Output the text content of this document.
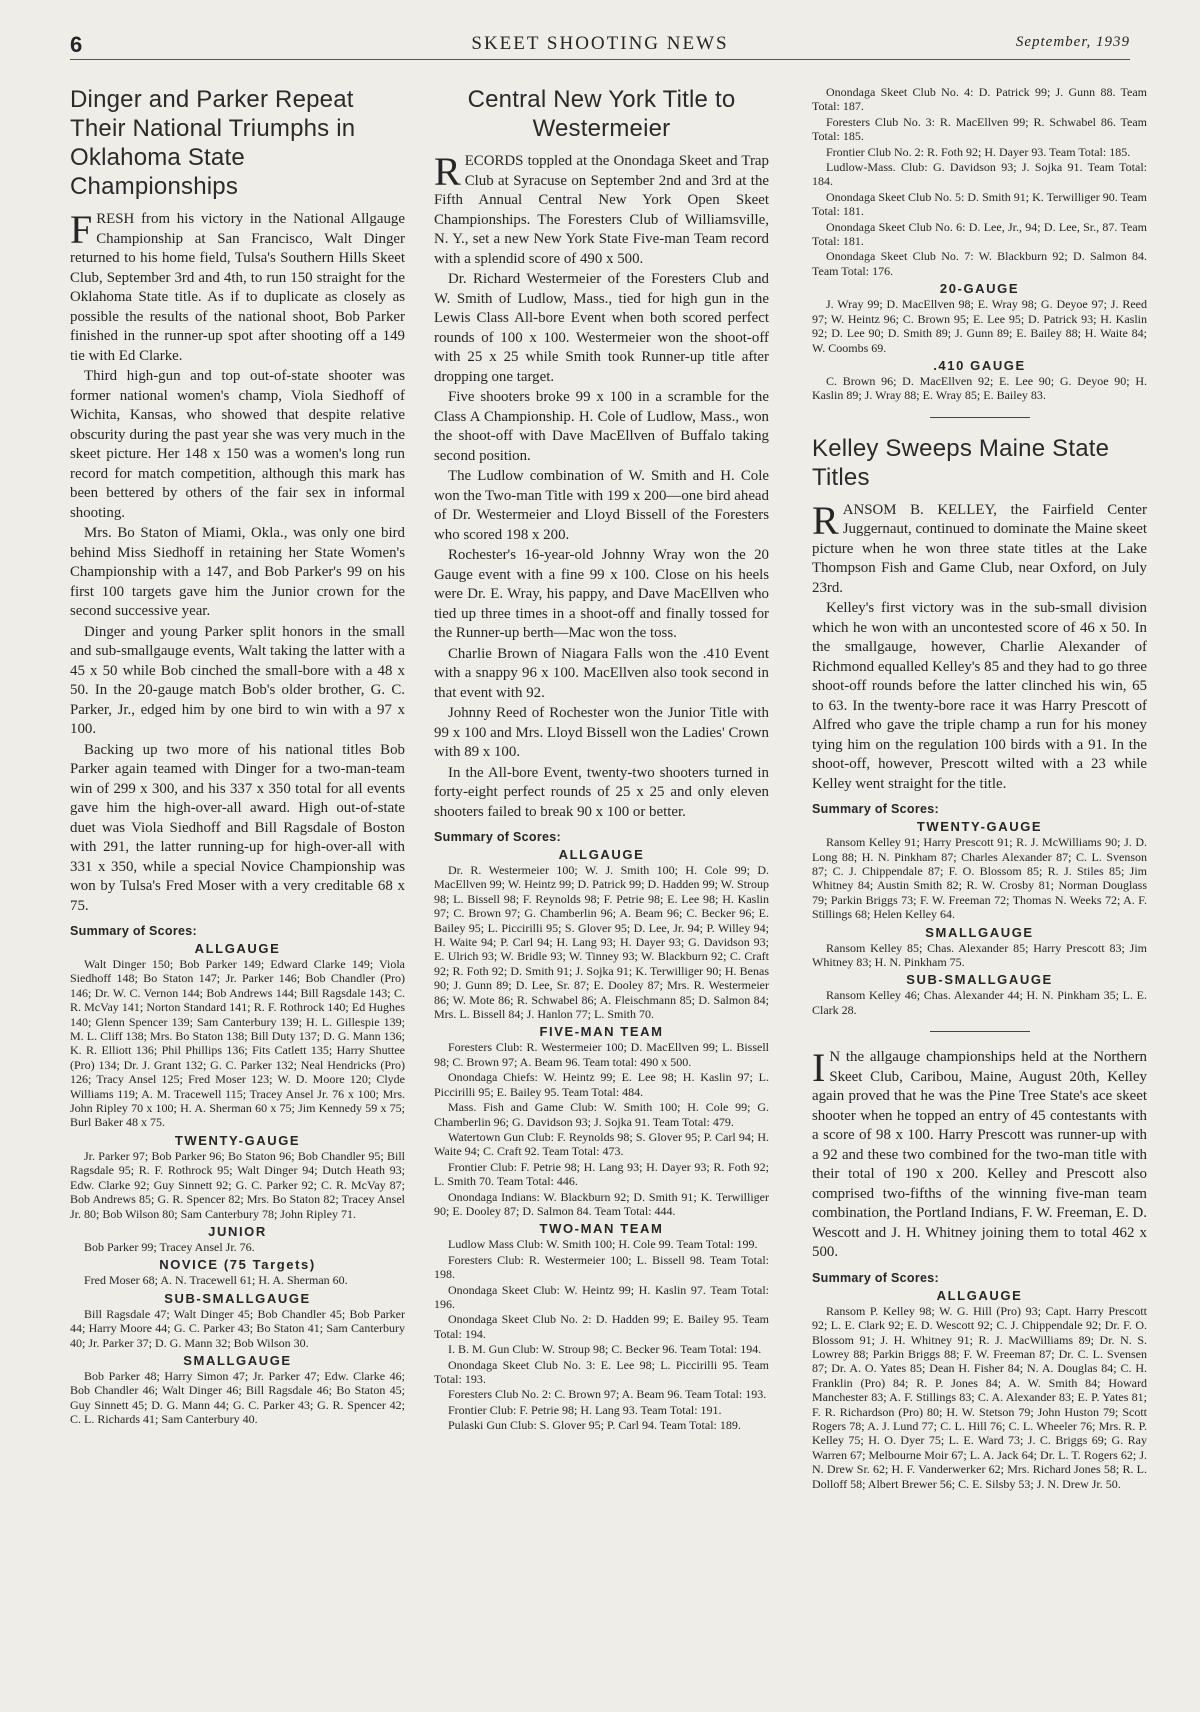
6	SKEET SHOOTING NEWS	September, 1939
Dinger and Parker Repeat Their National Triumphs in Oklahoma State Championships

FRESH from his victory in the National Allgauge Championship at San Francisco, Walt Dinger returned to his home field, Tulsa's Southern Hills Skeet Club, September 3rd and 4th, to run 150 straight for the Oklahoma State title. As if to duplicate as closely as possible the results of the national shoot, Bob Parker finished in the runner-up spot after shooting off a 149 tie with Ed Clarke.

Third high-gun and top out-of-state shooter was former national women's champ, Viola Siedhoff of Wichita, Kansas, who showed that despite relative obscurity during the past year she was very much in the skeet picture. Her 148 x 150 was a women's long run record for match competition, although this mark has been bettered by others of the fair sex in informal shooting.

Mrs. Bo Staton of Miami, Okla., was only one bird behind Miss Siedhoff in retaining her State Women's Championship with a 147, and Bob Parker's 99 on his first 100 targets gave him the Junior crown for the second successive year.

Dinger and young Parker split honors in the small and sub-smallgauge events, Walt taking the latter with a 45 x 50 while Bob cinched the small-bore with a 48 x 50. In the 20-gauge match Bob's older brother, G. C. Parker, Jr., edged him by one bird to win with a 97 x 100.

Backing up two more of his national titles Bob Parker again teamed with Dinger for a two-man-team win of 299 x 300, and his 337 x 350 total for all events gave him the high-over-all award. High out-of-state duet was Viola Siedhoff and Bill Ragsdale of Boston with 291, the latter running-up for high-over-all with 331 x 350, while a special Novice Championship was won by Tulsa's Fred Moser with a very creditable 68 x 75.

Summary of Scores:
ALLGAUGE

Walt Dinger 150; Bob Parker 149; Edward Clarke 149; Viola Siedhoff 148; Bo Staton 147; Jr. Parker 146; Bob Chandler (Pro) 146; Dr. W. C. Vernon 144; Bob Andrews 144; Bill Ragsdale 143; C. R. McVay 141; Norton Standard 141; R. F. Rothrock 140; Ed Hughes 140; Glenn Spencer 139; Sam Canterbury 139; H. L. Gillespie 139; M. L. Cliff 138; Mrs. Bo Staton 138; Bill Duty 137; D. G. Mann 136; K. R. Elliott 136; Phil Phillips 136; Fits Catlett 135; Harry Shuttee (Pro) 134; Dr. J. Grant 132; G. C. Parker 132; Neal Hendricks (Pro) 126; Tracy Ansel 125; Fred Moser 123; W. D. Moore 120; Clyde Williams 119; A. M. Tracewell 115; Tracey Ansel Jr. 76 x 100; Mrs. John Ripley 70 x 100; H. A. Sherman 60 x 75; Jim Kennedy 59 x 75; Burl Baker 48 x 75.

TWENTY-GAUGE

Jr. Parker 97; Bob Parker 96; Bo Staton 96; Bob Chandler 95; Bill Ragsdale 95; R. F. Rothrock 95; Walt Dinger 94; Dutch Heath 93; Edw. Clarke 92; Guy Sinnett 92; G. C. Parker 92; C. R. McVay 87; Bob Andrews 85; G. R. Spencer 82; Mrs. Bo Staton 82; Tracey Ansel Jr. 80; Bob Wilson 80; Sam Canterbury 78; John Ripley 71.

JUNIOR

Bob Parker 99; Tracey Ansel Jr. 76.

NOVICE (75 Targets)

Fred Moser 68; A. N. Tracewell 61; H. A. Sherman 60.

SUB-SMALLGAUGE

Bill Ragsdale 47; Walt Dinger 45; Bob Chandler 45; Bob Parker 44; Harry Moore 44; G. C. Parker 43; Bo Staton 41; Sam Canterbury 40; Jr. Parker 37; D. G. Mann 32; Bob Wilson 30.

SMALLGAUGE

Bob Parker 48; Harry Simon 47; Jr. Parker 47; Edw. Clarke 46; Bob Chandler 46; Walt Dinger 46; Bill Ragsdale 46; Bo Staton 45; Guy Sinnett 45; D. G. Mann 44; G. C. Parker 43; G. R. Spencer 42; C. L. Richards 41; Sam Canterbury 40.

Central New York Title to Westermeier

RECORDS toppled at the Onondaga Skeet and Trap Club at Syracuse on September 2nd and 3rd at the Fifth Annual Central New York Open Skeet Championships. The Foresters Club of Williamsville, N. Y., set a new New York State Five-man Team record with a splendid score of 490 x 500.

Dr. Richard Westermeier of the Foresters Club and W. Smith of Ludlow, Mass., tied for high gun in the Lewis Class All-bore Event when both scored perfect rounds of 100 x 100. Westermeier won the shoot-off with 25 x 25 while Smith took Runner-up title after dropping one target.

Five shooters broke 99 x 100 in a scramble for the Class A Championship. H. Cole of Ludlow, Mass., won the shoot-off with Dave MacEllven of Buffalo taking second position.

The Ludlow combination of W. Smith and H. Cole won the Two-man Title with 199 x 200—one bird ahead of Dr. Westermeier and Lloyd Bissell of the Foresters who scored 198 x 200.

Rochester's 16-year-old Johnny Wray won the 20 Gauge event with a fine 99 x 100. Close on his heels were Dr. E. Wray, his pappy, and Dave MacEllven who tied up three times in a shoot-off and finally tossed for the Runner-up berth—Mac won the toss.

Charlie Brown of Niagara Falls won the .410 Event with a snappy 96 x 100. MacEllven also took second in that event with 92.

Johnny Reed of Rochester won the Junior Title with 99 x 100 and Mrs. Lloyd Bissell won the Ladies' Crown with 89 x 100.

In the All-bore Event, twenty-two shooters turned in forty-eight perfect rounds of 25 x 25 and only eleven shooters failed to break 90 x 100 or better.

Summary of Scores:
ALLGAUGE

Dr. R. Westermeier 100; W. J. Smith 100; H. Cole 99; D. MacEllven 99; W. Heintz 99; D. Patrick 99; D. Hadden 99; W. Stroup 98; L. Bissell 98; F. Reynolds 98; F. Petrie 98; E. Lee 98; H. Kaslin 97; C. Brown 97; G. Chamberlin 96; A. Beam 96; C. Becker 96; E. Bailey 95; L. Piccirilli 95; S. Glover 95; D. Lee, Jr. 94; P. Willey 94; H. Waite 94; P. Carl 94; H. Lang 93; H. Dayer 93; G. Davidson 93; E. Ulrich 93; W. Bridle 93; W. Tinney 93; W. Blackburn 92; C. Craft 92; R. Foth 92; D. Smith 91; J. Sojka 91; K. Terwilliger 90; H. Benas 90; J. Gunn 89; D. Lee, Sr. 87; E. Dooley 87; Mrs. R. Westermeier 86; W. Mote 86; R. Schwabel 86; A. Fleischmann 85; D. Salmon 84; Mrs. L. Bissell 84; J. Hanlon 77; L. Smith 70.

FIVE-MAN TEAM

Foresters Club: R. Westermeier 100; D. MacEllven 99; L. Bissell 98; C. Brown 97; A. Beam 96. Team total: 490 x 500.

Onondaga Chiefs: W. Heintz 99; E. Lee 98; H. Kaslin 97; L. Piccirilli 95; E. Bailey 95. Team Total: 484.

Mass. Fish and Game Club: W. Smith 100; H. Cole 99; G. Chamberlin 96; G. Davidson 93; J. Sojka 91. Team Total: 479.

Watertown Gun Club: F. Reynolds 98; S. Glover 95; P. Carl 94; H. Waite 94; C. Craft 92. Team Total: 473.

Frontier Club: F. Petrie 98; H. Lang 93; H. Dayer 93; R. Foth 92; L. Smith 70. Team Total: 446.

Onondaga Indians: W. Blackburn 92; D. Smith 91; K. Terwilliger 90; E. Dooley 87; D. Salmon 84. Team Total: 444.

TWO-MAN TEAM

Ludlow Mass Club: W. Smith 100; H. Cole 99. Team Total: 199.

Foresters Club: R. Westermeier 100; L. Bissell 98. Team Total: 198.

Onondaga Skeet Club: W. Heintz 99; H. Kaslin 97. Team Total: 196.

Onondaga Skeet Club No. 2: D. Hadden 99; E. Bailey 95. Team Total: 194.

I. B. M. Gun Club: W. Stroup 98; C. Becker 96. Team Total: 194.

Onondaga Skeet Club No. 3: E. Lee 98; L. Piccirilli 95. Team Total: 193.

Foresters Club No. 2: C. Brown 97; A. Beam 96. Team Total: 193.

Frontier Club: F. Petrie 98; H. Lang 93. Team Total: 191.

Pulaski Gun Club: S. Glover 95; P. Carl 94. Team Total: 189.

Onondaga Skeet Club No. 4: D. Patrick 99; J. Gunn 88. Team Total: 187.

Foresters Club No. 3: R. MacEllven 99; R. Schwabel 86. Team Total: 185.

Frontier Club No. 2: R. Foth 92; H. Dayer 93. Team Total: 185.

Ludlow-Mass. Club: G. Davidson 93; J. Sojka 91. Team Total: 184.

Onondaga Skeet Club No. 5: D. Smith 91; K. Terwilliger 90. Team Total: 181.

Onondaga Skeet Club No. 6: D. Lee, Jr., 94; D. Lee, Sr., 87. Team Total: 181.

Onondaga Skeet Club No. 7: W. Blackburn 92; D. Salmon 84. Team Total: 176.

20-GAUGE

J. Wray 99; D. MacEllven 98; E. Wray 98; G. Deyoe 97; J. Reed 97; W. Heintz 96; C. Brown 95; E. Lee 95; D. Patrick 93; H. Kaslin 92; D. Lee 90; D. Smith 89; J. Gunn 89; E. Bailey 88; H. Waite 84; W. Coombs 69.

.410 GAUGE

C. Brown 96; D. MacEllven 92; E. Lee 90; G. Deyoe 90; H. Kaslin 89; J. Wray 88; E. Wray 85; E. Bailey 83.

Kelley Sweeps Maine State Titles

RANSOM B. KELLEY, the Fairfield Center Juggernaut, continued to dominate the Maine skeet picture when he won three state titles at the Lake Thompson Fish and Game Club, near Oxford, on July 23rd.

Kelley's first victory was in the sub-small division which he won with an uncontested score of 46 x 50. In the smallgauge, however, Charlie Alexander of Richmond equalled Kelley's 85 and they had to go three shoot-off rounds before the latter clinched his win, 65 to 63. In the twenty-bore race it was Harry Prescott of Alfred who gave the triple champ a run for his money tying him on the regulation 100 birds with a 91. In the shoot-off, however, Prescott wilted with a 23 while Kelley went straight for the title.

Summary of Scores:
TWENTY-GAUGE

Ransom Kelley 91; Harry Prescott 91; R. J. McWilliams 90; J. D. Long 88; H. N. Pinkham 87; Charles Alexander 87; C. L. Svenson 87; C. J. Chippendale 87; F. O. Blossom 85; R. J. Stiles 85; Jim Whitney 84; Austin Smith 82; R. W. Crosby 81; Norman Douglass 79; Parkin Briggs 73; F. W. Freeman 72; Thomas N. Weeks 72; A. F. Stillings 68; Helen Kelley 64.

SMALLGAUGE

Ransom Kelley 85; Chas. Alexander 85; Harry Prescott 83; Jim Whitney 83; H. N. Pinkham 75.

SUB-SMALLGAUGE

Ransom Kelley 46; Chas. Alexander 44; H. N. Pinkham 35; L. E. Clark 28.

I N the allgauge championships held at the Northern Skeet Club, Caribou, Maine, August 20th, Kelley again proved that he was the Pine Tree State's ace skeet shooter when he topped an entry of 45 contestants with a score of 98 x 100. Harry Prescott was runner-up with a 92 and these two combined for the two-man title with their total of 190 x 200. Kelley and Prescott also comprised two-fifths of the winning five-man team combination, the Portland Indians, F. W. Freeman, E. D. Wescott and J. H. Whitney joining them to total 462 x 500.

Summary of Scores:
ALLGAUGE

Ransom P. Kelley 98; W. G. Hill (Pro) 93; Capt. Harry Prescott 92; L. E. Clark 92; E. D. Wescott 92; C. J. Chippendale 92; Dr. F. O. Blossom 91; J. H. Whitney 91; R. J. MacWilliams 89; Dr. N. S. Lowrey 88; Parkin Briggs 88; F. W. Freeman 87; Dr. C. L. Svensen 87; Dr. A. O. Yates 85; Dean H. Fisher 84; N. A. Douglas 84; C. H. Franklin (Pro) 84; R. P. Jones 84; A. W. Smith 84; Howard Manchester 83; A. F. Stillings 83; C. A. Alexander 83; E. P. Yates 81; F. R. Richardson (Pro) 80; H. W. Stetson 79; John Huston 79; Scott Rogers 78; A. J. Lund 77; C. L. Hill 76; C. L. Wheeler 76; Mrs. R. P. Kelley 75; H. O. Dyer 75; L. E. Ward 73; J. C. Briggs 69; G. Ray Warren 67; Melbourne Moir 67; L. A. Jack 64; Dr. L. T. Rogers 62; J. N. Drew Sr. 62; H. F. Vanderwerker 62; Mrs. Richard Jones 58; R. L. Dolloff 58; Albert Brewer 56; C. E. Silsby 53; J. N. Drew Jr. 50.
